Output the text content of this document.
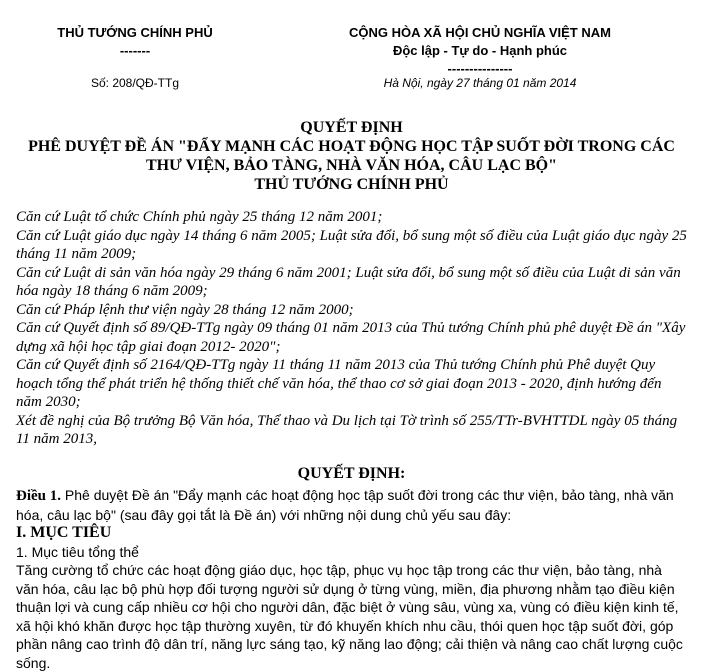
THỦ TƯỚNG CHÍNH PHỦ
-------
CỘNG HÒA XÃ HỘI CHỦ NGHĨA VIỆT NAM
Độc lập - Tự do - Hạnh phúc
---------------
Số: 208/QĐ-TTg	Hà Nội, ngày 27 tháng 01 năm 2014
QUYẾT ĐỊNH
PHÊ DUYỆT ĐỀ ÁN "ĐẨY MẠNH CÁC HOẠT ĐỘNG HỌC TẬP SUỐT ĐỜI TRONG CÁC
THƯ VIỆN, BẢO TÀNG, NHÀ VĂN HÓA, CÂU LẠC BỘ"
THỦ TƯỚNG CHÍNH PHỦ

Căn cứ Luật tổ chức Chính phủ ngày 25 tháng 12 năm 2001;

Căn cứ Luật giáo dục ngày 14 tháng 6 năm 2005; Luật sửa đổi, bổ sung một số điều của Luật giáo dục ngày 25 tháng 11 năm 2009;

Căn cứ Luật di sản văn hóa ngày 29 tháng 6 năm 2001; Luật sửa đổi, bổ sung một số điều của Luật di sản văn hóa ngày 18 tháng 6 năm 2009;

Căn cứ Pháp lệnh thư viện ngày 28 tháng 12 năm 2000;

Căn cứ Quyết định số 89/QĐ-TTg ngày 09 tháng 01 năm 2013 của Thủ tướng Chính phủ phê duyệt Đề án "Xây dựng xã hội học tập giai đoạn 2012- 2020";

Căn cứ Quyết định số 2164/QĐ-TTg ngày 11 tháng 11 năm 2013 của Thủ tướng Chính phủ Phê duyệt Quy hoạch tổng thể phát triển hệ thống thiết chế văn hóa, thể thao cơ sở giai đoạn 2013 - 2020, định hướng đến năm 2030;

Xét đề nghị của Bộ trưởng Bộ Văn hóa, Thể thao và Du lịch tại Tờ trình số 255/TTr-BVHTTDL ngày 05 tháng 11 năm 2013,

QUYẾT ĐỊNH:

Điều 1. Phê duyệt Đề án "Đẩy mạnh các hoạt động học tập suốt đời trong các thư viện, bảo tàng, nhà văn hóa, câu lạc bộ" (sau đây gọi tắt là Đề án) với những nội dung chủ yếu sau đây:

I. MỤC TIÊU

1. Mục tiêu tổng thể

Tăng cường tổ chức các hoạt động giáo dục, học tập, phục vụ học tập trong các thư viện, bảo tàng, nhà văn hóa, câu lạc bộ phù hợp đối tượng người sử dụng ở từng vùng, miền, địa phương nhằm tạo điều kiện thuận lợi và cung cấp nhiều cơ hội cho người dân, đặc biệt ở vùng sâu, vùng xa, vùng có điều kiện kinh tế, xã hội khó khăn được học tập thường xuyên, từ đó khuyến khích nhu cầu, thói quen học tập suốt đời, góp phần nâng cao trình độ dân trí, năng lực sáng tạo, kỹ năng lao động; cải thiện và nâng cao chất lượng cuộc sống.
